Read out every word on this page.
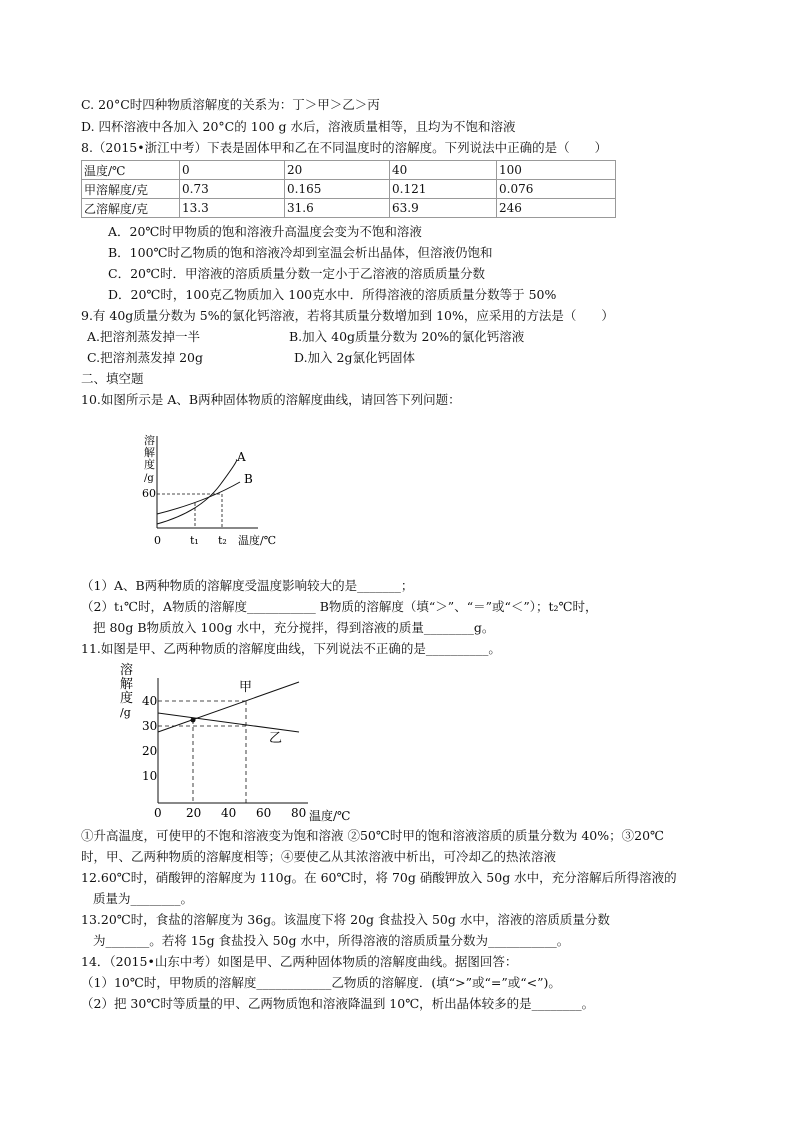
C. 20°C时四种物质溶解度的关系为：丁＞甲＞乙＞丙
D. 四杯溶液中各加入 20°C的 100 g 水后，溶液质量相等，且均为不饱和溶液
8.（2015•浙江中考）下表是固体甲和乙在不同温度时的溶解度。下列说法中正确的是（　　）
温度/℃	0	20	40	100
甲溶解度/克	0.73	0.165	0.121	0.076
乙溶解度/克	13.3	31.6	63.9	246
A．20℃时甲物质的饱和溶液升高温度会变为不饱和溶液
B．100℃时乙物质的饱和溶液冷却到室温会析出晶体，但溶液仍饱和
C．20℃时．甲溶液的溶质质量分数一定小于乙溶液的溶质质量分数
D．20℃时，100克乙物质加入 100克水中．所得溶液的溶质质量分数等于 50%
9.有 40g质量分数为 5%的氯化钙溶液，若将其质量分数增加到 10%，应采用的方法是（　　）
A.把溶剂蒸发掉一半	B.加入 40g质量分数为 20%的氯化钙溶液
C.把溶剂蒸发掉 20g	D.加入 2g氯化钙固体
二、填空题
10.如图所示是 A、B两种固体物质的溶解度曲线，请回答下列问题：
溶
解
度
/g
60
A
B
0	t₁ t₂ 温度/℃
（1）A、B两种物质的溶解度受温度影响较大的是_______；
（2）t₁℃时，A物质的溶解度___________ B物质的溶解度（填“＞”、“＝”或“＜”）；t₂℃时，
把 80g B物质放入 100g 水中，充分搅拌，得到溶液的质量________g。
11.如图是甲、乙两种物质的溶解度曲线，下列说法不正确的是__________。
溶
解
度
/g
40
30
20
10
甲
乙
0 20 40 60 80 温度/℃
①升高温度，可使甲的不饱和溶液变为饱和溶液 ②50℃时甲的饱和溶液溶质的质量分数为 40%；③20℃
时，甲、乙两种物质的溶解度相等；④要使乙从其浓溶液中析出，可冷却乙的热浓溶液
12.60℃时，硝酸钾的溶解度为 110g。在 60℃时，将 70g 硝酸钾放入 50g 水中，充分溶解后所得溶液的
质量为________。
13.20℃时，食盐的溶解度为 36g。该温度下将 20g 食盐投入 50g 水中，溶液的溶质质量分数
为_______。若将 15g 食盐投入 50g 水中，所得溶液的溶质质量分数为___________。
14．（2015•山东中考）如图是甲、乙两种固体物质的溶解度曲线。据图回答：
（1）10℃时，甲物质的溶解度____________乙物质的溶解度．(填“>”或“=”或“<”)。
（2）把 30℃时等质量的甲、乙两物质饱和溶液降温到 10℃，析出晶体较多的是________。
